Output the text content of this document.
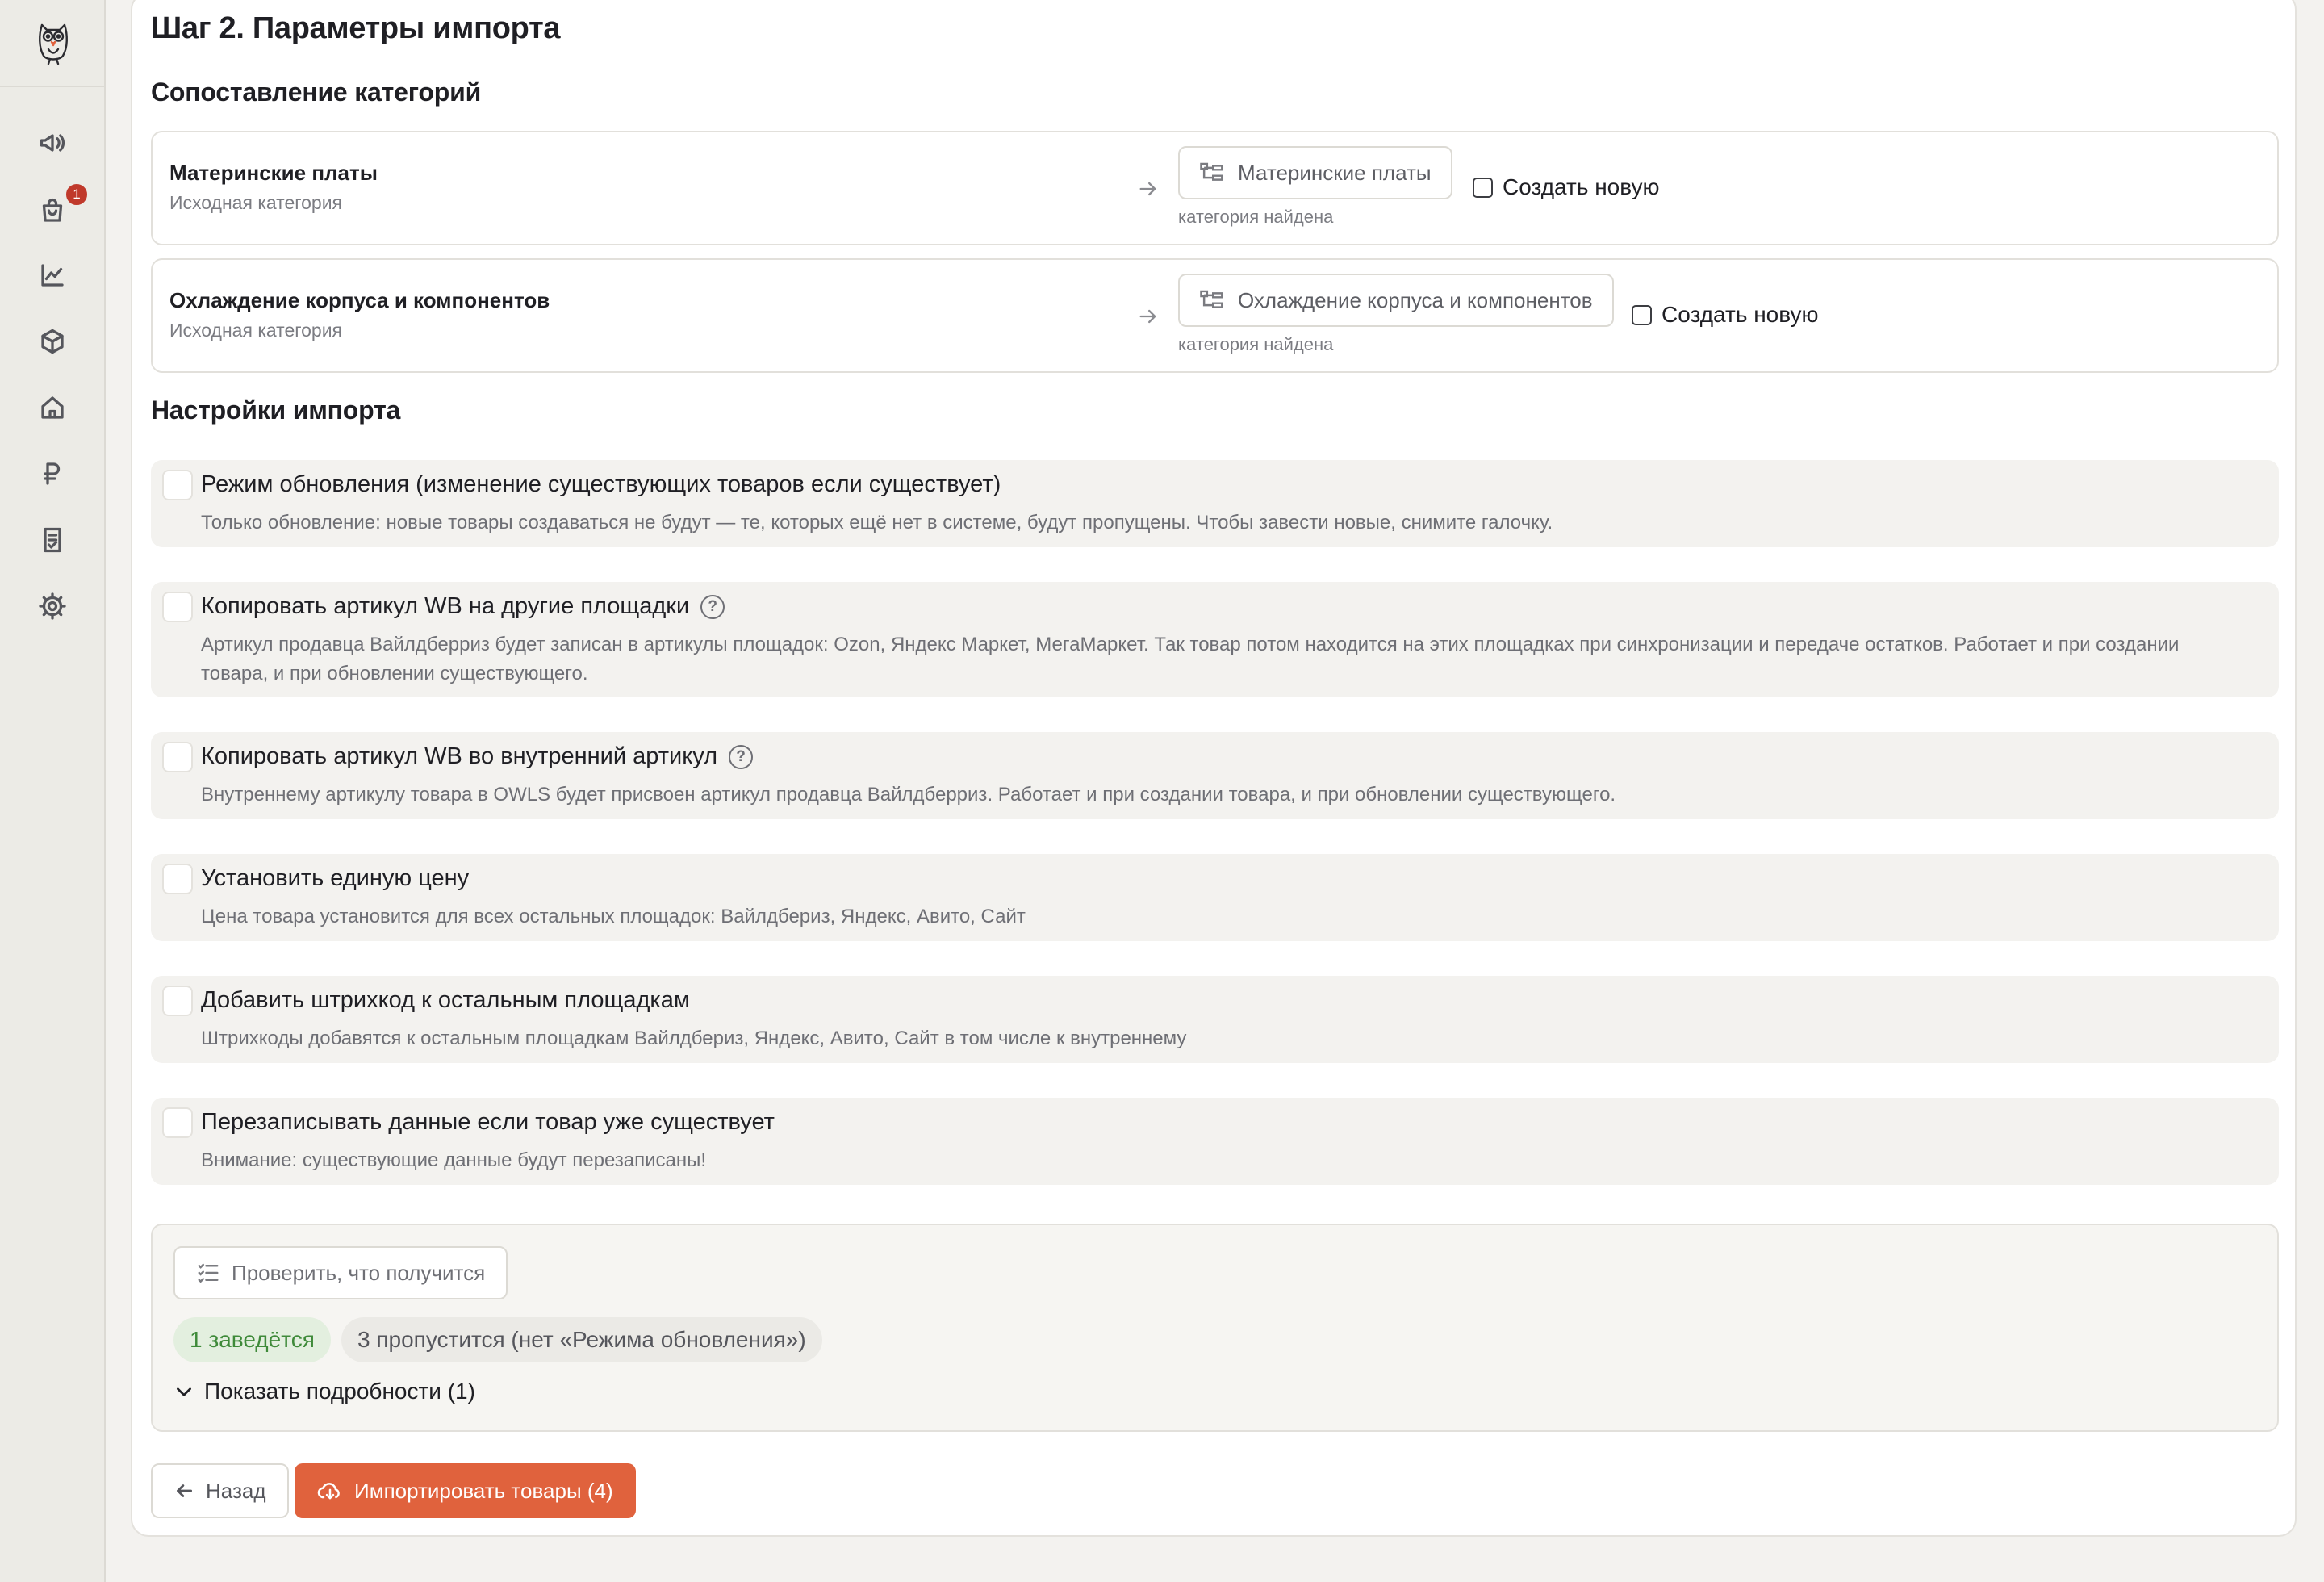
1
Шаг 2. Параметры импорта
Сопоставление категорий
Материнские платы
Исходная категория
Материнские платы
категория найдена
Создать новую
Охлаждение корпуса и компонентов
Исходная категория
Охлаждение корпуса и компонентов
категория найдена
Создать новую
Настройки импорта
Режим обновления (изменение существующих товаров если существует)
Только обновление: новые товары создаваться не будут — те, которых ещё нет в системе, будут пропущены. Чтобы завести новые, снимите галочку.
Копировать артикул WB на другие площадки	?
Артикул продавца Вайлдберриз будет записан в артикулы площадок: Ozon, Яндекс Маркет, МегаМаркет. Так товар потом находится на этих площадках при синхронизации и передаче остатков. Работает и при создании товара, и при обновлении существующего.
Копировать артикул WB во внутренний артикул	?
Внутреннему артикулу товара в OWLS будет присвоен артикул продавца Вайлдберриз. Работает и при создании товара, и при обновлении существующего.
Установить единую цену
Цена товара установится для всех остальных площадок: Вайлдбериз, Яндекс, Авито, Сайт
Добавить штрихкод к остальным площадкам
Штрихкоды добавятся к остальным площадкам Вайлдбериз, Яндекс, Авито, Сайт в том числе к внутреннему
Перезаписывать данные если товар уже существует
Внимание: существующие данные будут перезаписаны!
Проверить, что получится
1 заведётся	3 пропустится (нет «Режима обновления»)
Показать подробности (1)
Назад	Импортировать товары (4)
